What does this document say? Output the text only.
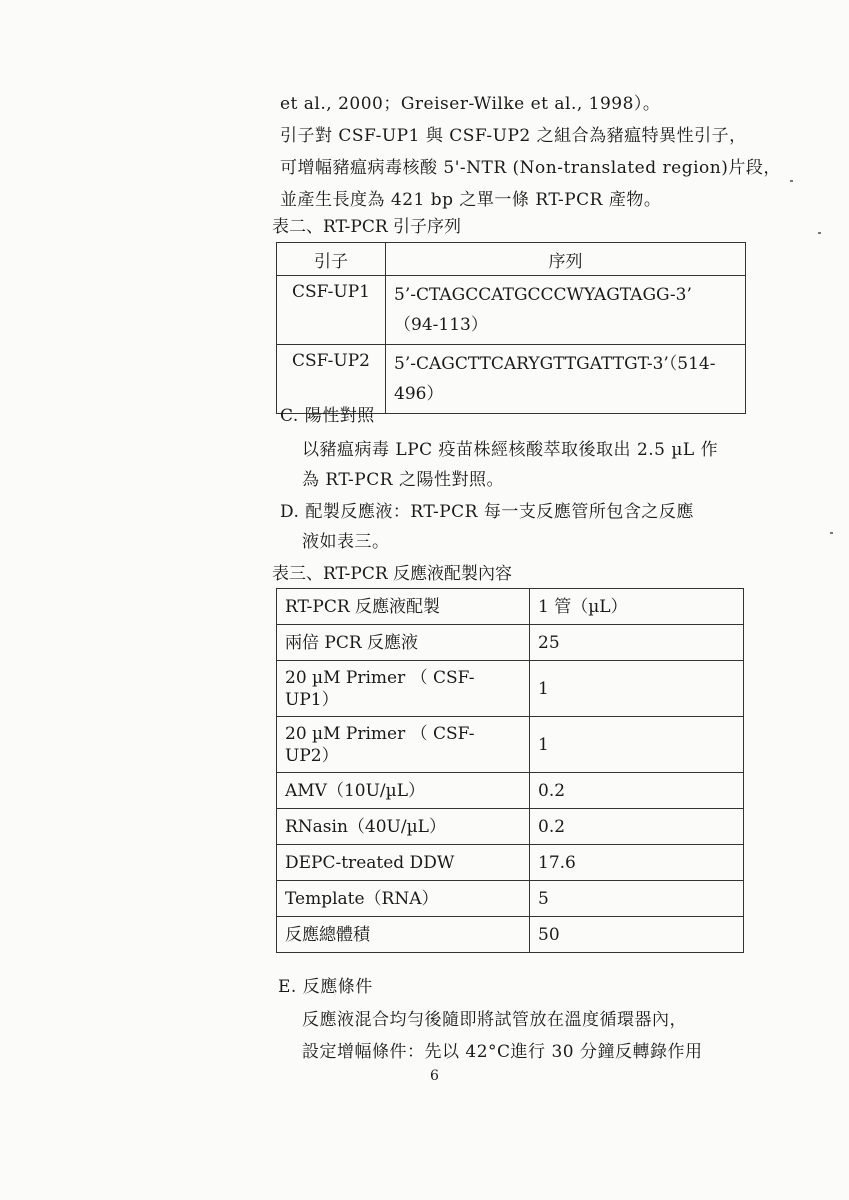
et al., 2000；Greiser-Wilke et al., 1998）。
引子對 CSF-UP1 與 CSF-UP2 之組合為豬瘟特異性引子，
可增幅豬瘟病毒核酸 5'-NTR (Non-translated region)片段，
並產生長度為 421 bp 之單一條 RT-PCR 產物。
表二、RT-PCR 引子序列
引子	序列
CSF-UP1	5’-CTAGCCATGCCCWYAGTAGG-3’
（94-113）

CSF-UP2	5’-CAGCTTCARYGTTGATTGT-3’（514-
496）
C. 陽性對照
以豬瘟病毒 LPC 疫苗株經核酸萃取後取出 2.5 µL 作
為 RT-PCR 之陽性對照。
D. 配製反應液：RT-PCR 每一支反應管所包含之反應
液如表三。
表三、RT-PCR 反應液配製內容
RT-PCR 反應液配製	1 管（µL）

兩倍 PCR 反應液	25

20 µM Primer （ CSF-
UP1）	1

20 µM Primer （ CSF-
UP2）	1

AMV（10U/µL）	0.2

RNasin（40U/µL）	0.2

DEPC-treated DDW	17.6

Template（RNA）	5

反應總體積	50
E. 反應條件
反應液混合均勻後隨即將試管放在溫度循環器內，
設定增幅條件：先以 42°C進行 30 分鐘反轉錄作用
6
